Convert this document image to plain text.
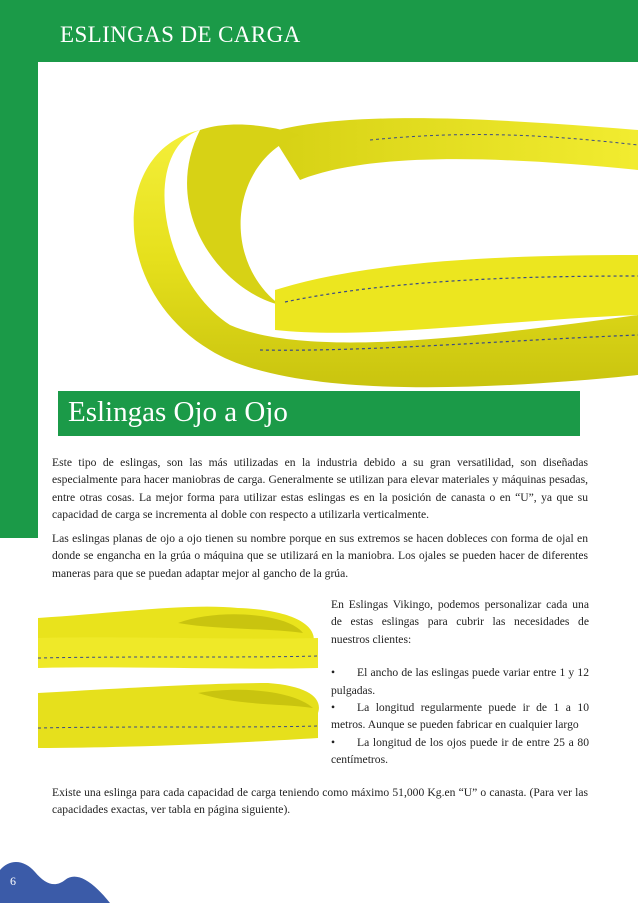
ESLINGAS DE CARGA
Eslingas Ojo a Ojo

Este tipo de eslingas, son las más utilizadas en la industria debido a su gran versatilidad, son diseñadas especialmente para hacer maniobras de carga. Generalmente se utilizan para elevar materiales y máquinas pesadas, entre otras cosas. La mejor forma para utilizar estas eslingas es en la posición de canasta o en “U”, ya que su capacidad de carga se incrementa al doble con respecto a utilizarla verticalmente.

Las eslingas planas de ojo a ojo tienen su nombre porque en sus extremos se hacen dobleces con forma de ojal en donde se engancha en la grúa o máquina que se utilizará en la maniobra. Los ojales se pueden hacer de diferentes maneras para que se puedan adaptar mejor al gancho de la grúa.

En Eslingas Vikingo, podemos personalizar cada una de estas eslingas para cubrir las necesidades de nuestros clientes:

• El ancho de las eslingas puede variar entre 1 y 12 pulgadas.

• La longitud regularmente puede ir de 1 a 10 metros. Aunque se pueden fabricar en cualquier largo

• La longitud de los ojos puede ir de entre 25 a 80 centímetros.

Existe una eslinga para cada capacidad de carga teniendo como máximo 51,000 Kg.en “U” o canasta. (Para ver las capacidades exactas, ver tabla en página siguiente).

6
